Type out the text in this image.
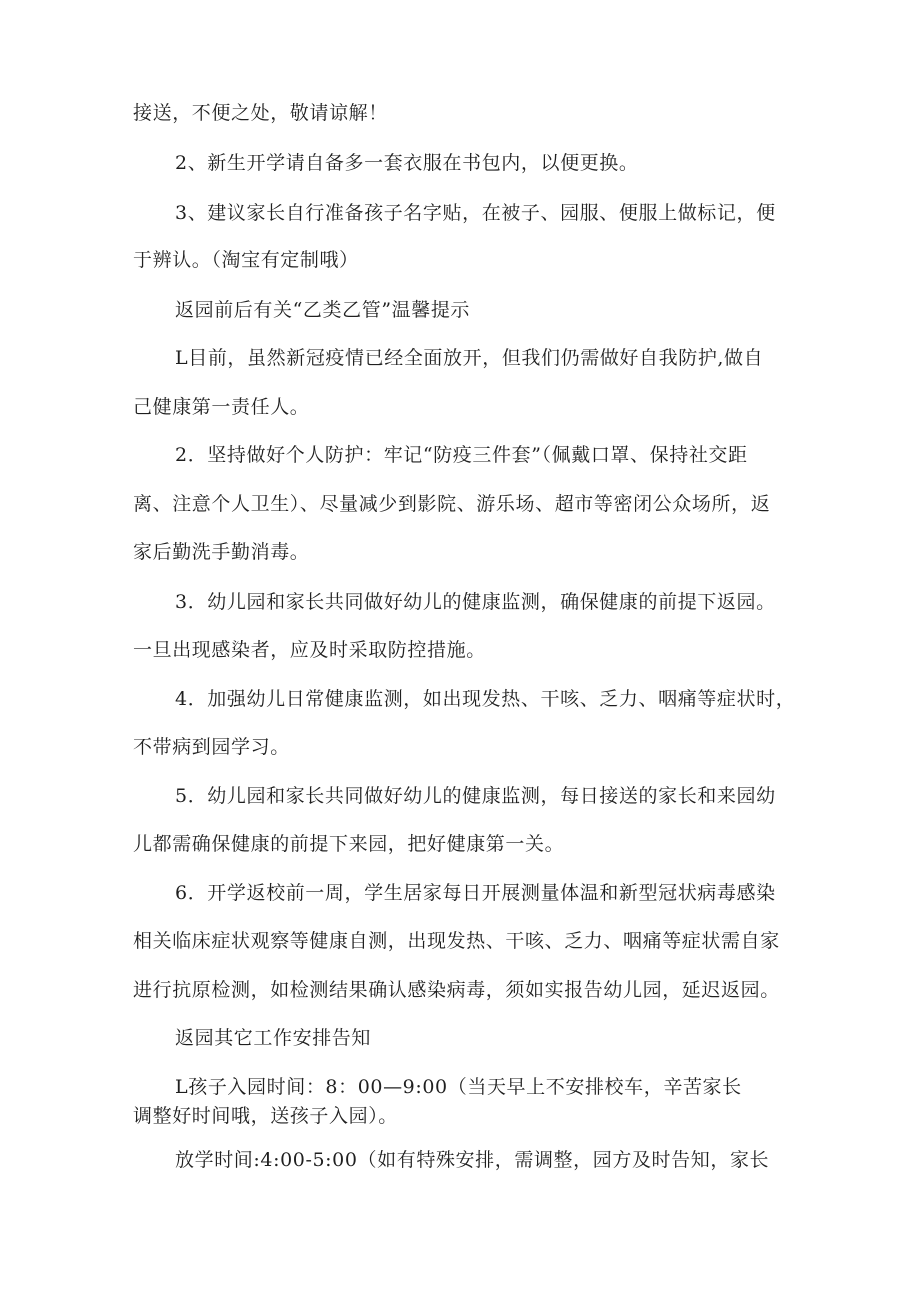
接送，不便之处，敬请谅解！
2、新生开学请自备多一套衣服在书包内，以便更换。
3、建议家长自行准备孩子名字贴，在被子、园服、便服上做标记，便
于辨认。（淘宝有定制哦）
返园前后有关“乙类乙管”温馨提示
L目前，虽然新冠疫情已经全面放开，但我们仍需做好自我防护,做自
己健康第一责任人。
2．坚持做好个人防护：牢记“防疫三件套”（佩戴口罩、保持社交距
离、注意个人卫生）、尽量减少到影院、游乐场、超市等密闭公众场所，返
家后勤洗手勤消毒。
3．幼儿园和家长共同做好幼儿的健康监测，确保健康的前提下返园。
一旦出现感染者，应及时采取防控措施。
4．加强幼儿日常健康监测，如出现发热、干咳、乏力、咽痛等症状时，
不带病到园学习。
5．幼儿园和家长共同做好幼儿的健康监测，每日接送的家长和来园幼
儿都需确保健康的前提下来园，把好健康第一关。
6．开学返校前一周，学生居家每日开展测量体温和新型冠状病毒感染
相关临床症状观察等健康自测，出现发热、干咳、乏力、咽痛等症状需自家
进行抗原检测，如检测结果确认感染病毒，须如实报告幼儿园，延迟返园。
返园其它工作安排告知
L孩子入园时间：8：00—9:00（当天早上不安排校车，辛苦家长
调整好时间哦，送孩子入园）。
放学时间:4:00-5:00（如有特殊安排，需调整，园方及时告知，家长
